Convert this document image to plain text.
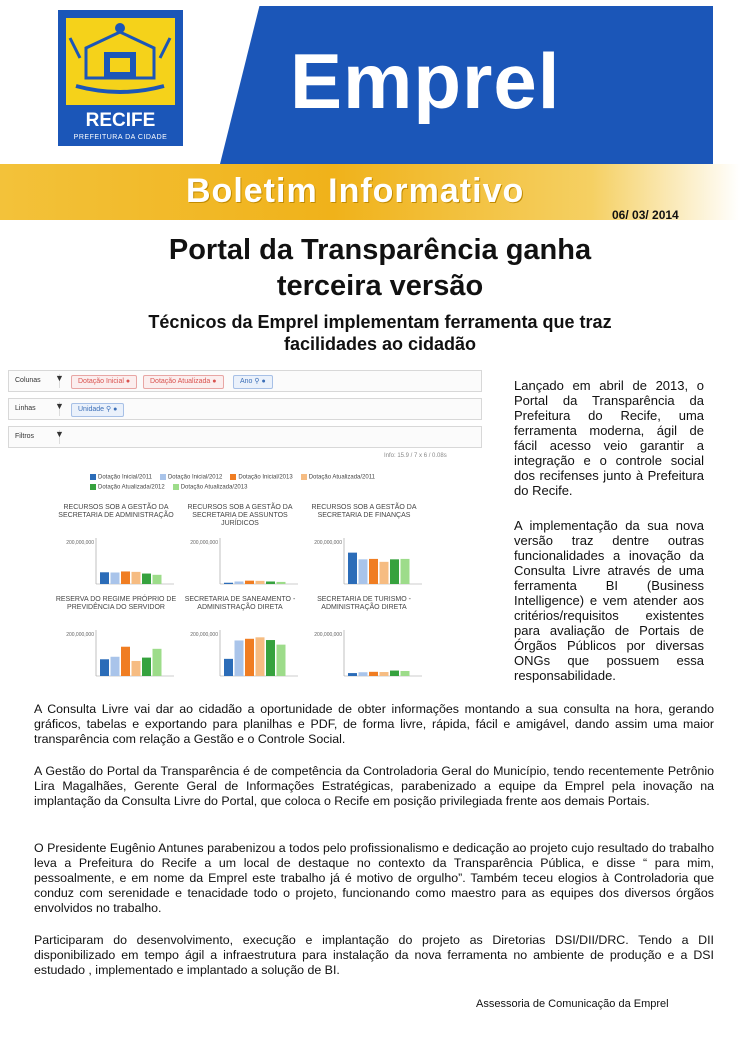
Emprel
RECIFE
PREFEITURA DA CIDADE
Boletim Informativo
06/ 03/ 2014
Portal da Transparência ganha
terceira versão
Técnicos da Emprel implementam ferramenta que traz
facilidades ao cidadão
Colunas	▼	Dotação Inicial ●	Dotação Atualizada ●	Ano ⚲ ●
Linhas	▼	Unidade ⚲ ●
Filtros	▼
Info: 15.9 / 7 x 6 / 0.08s
Dotação Inicial/2011	Dotação Inicial/2012	Dotação Inicial/2013	Dotação Atualizada/2011Dotação Atualizada/2012	Dotação Atualizada/2013
200,000,000
RECURSOS SOB A GESTÃO DA SECRETARIA DE ADMINISTRAÇÃO
200,000,000
RECURSOS SOB A GESTÃO DA SECRETARIA DE ASSUNTOS JURÍDICOS
200,000,000
RECURSOS SOB A GESTÃO DA SECRETARIA DE FINANÇAS
200,000,000
RESERVA DO REGIME PRÓPRIO DE PREVIDÊNCIA DO SERVIDOR
200,000,000
SECRETARIA DE SANEAMENTO - ADMINISTRAÇÃO DIRETA
200,000,000
SECRETARIA DE TURISMO - ADMINISTRAÇÃO DIRETA
Lançado em abril de 2013, o Portal da Transparência da Prefeitura do Recife, uma ferramenta moderna, ágil de fácil acesso veio garantir a integração e o controle social dos recifenses junto à Prefeitura do Recife.
A implementação da sua nova versão traz dentre outras funcionalidades a inovação da Consulta Livre através de uma ferramenta BI (Business Intelligence) e vem atender aos critérios/requisitos existentes para avaliação de Portais de Órgãos Públicos por diversas ONGs que possuem essa responsabilidade.
A Consulta Livre vai dar ao cidadão a oportunidade de obter informações montando a sua consulta na hora, gerando gráficos, tabelas e exportando para planilhas e PDF, de forma livre, rápida, fácil e amigável, dando assim uma maior transparência com relação a Gestão e o Controle Social.
A Gestão do Portal da Transparência é de competência da Controladoria Geral do Município, tendo recentemente Petrônio Lira Magalhães, Gerente Geral de Informações Estratégicas, parabenizado a equipe da Emprel pela inovação na implantação da Consulta Livre do Portal, que coloca o Recife em posição privilegiada frente aos demais Portais.
O Presidente Eugênio Antunes parabenizou a todos pelo profissionalismo e dedicação ao projeto cujo resultado do trabalho leva a Prefeitura do Recife a um local de destaque no contexto da Transparência Pública, e disse “ para mim, pessoalmente, e em nome da Emprel este trabalho já é motivo de orgulho”. Também teceu elogios à Controladoria que conduz com serenidade e tenacidade todo o projeto, funcionando como maestro para as equipes dos diversos órgãos envolvidos no trabalho.
Participaram do desenvolvimento, execução e implantação do projeto as Diretorias DSI/DII/DRC. Tendo a DII disponibilizado em tempo ágil a infraestrutura para instalação da nova ferramenta no ambiente de produção e a DSI estudado , implementado e implantado a solução de BI.
Assessoria de Comunicação da Emprel
